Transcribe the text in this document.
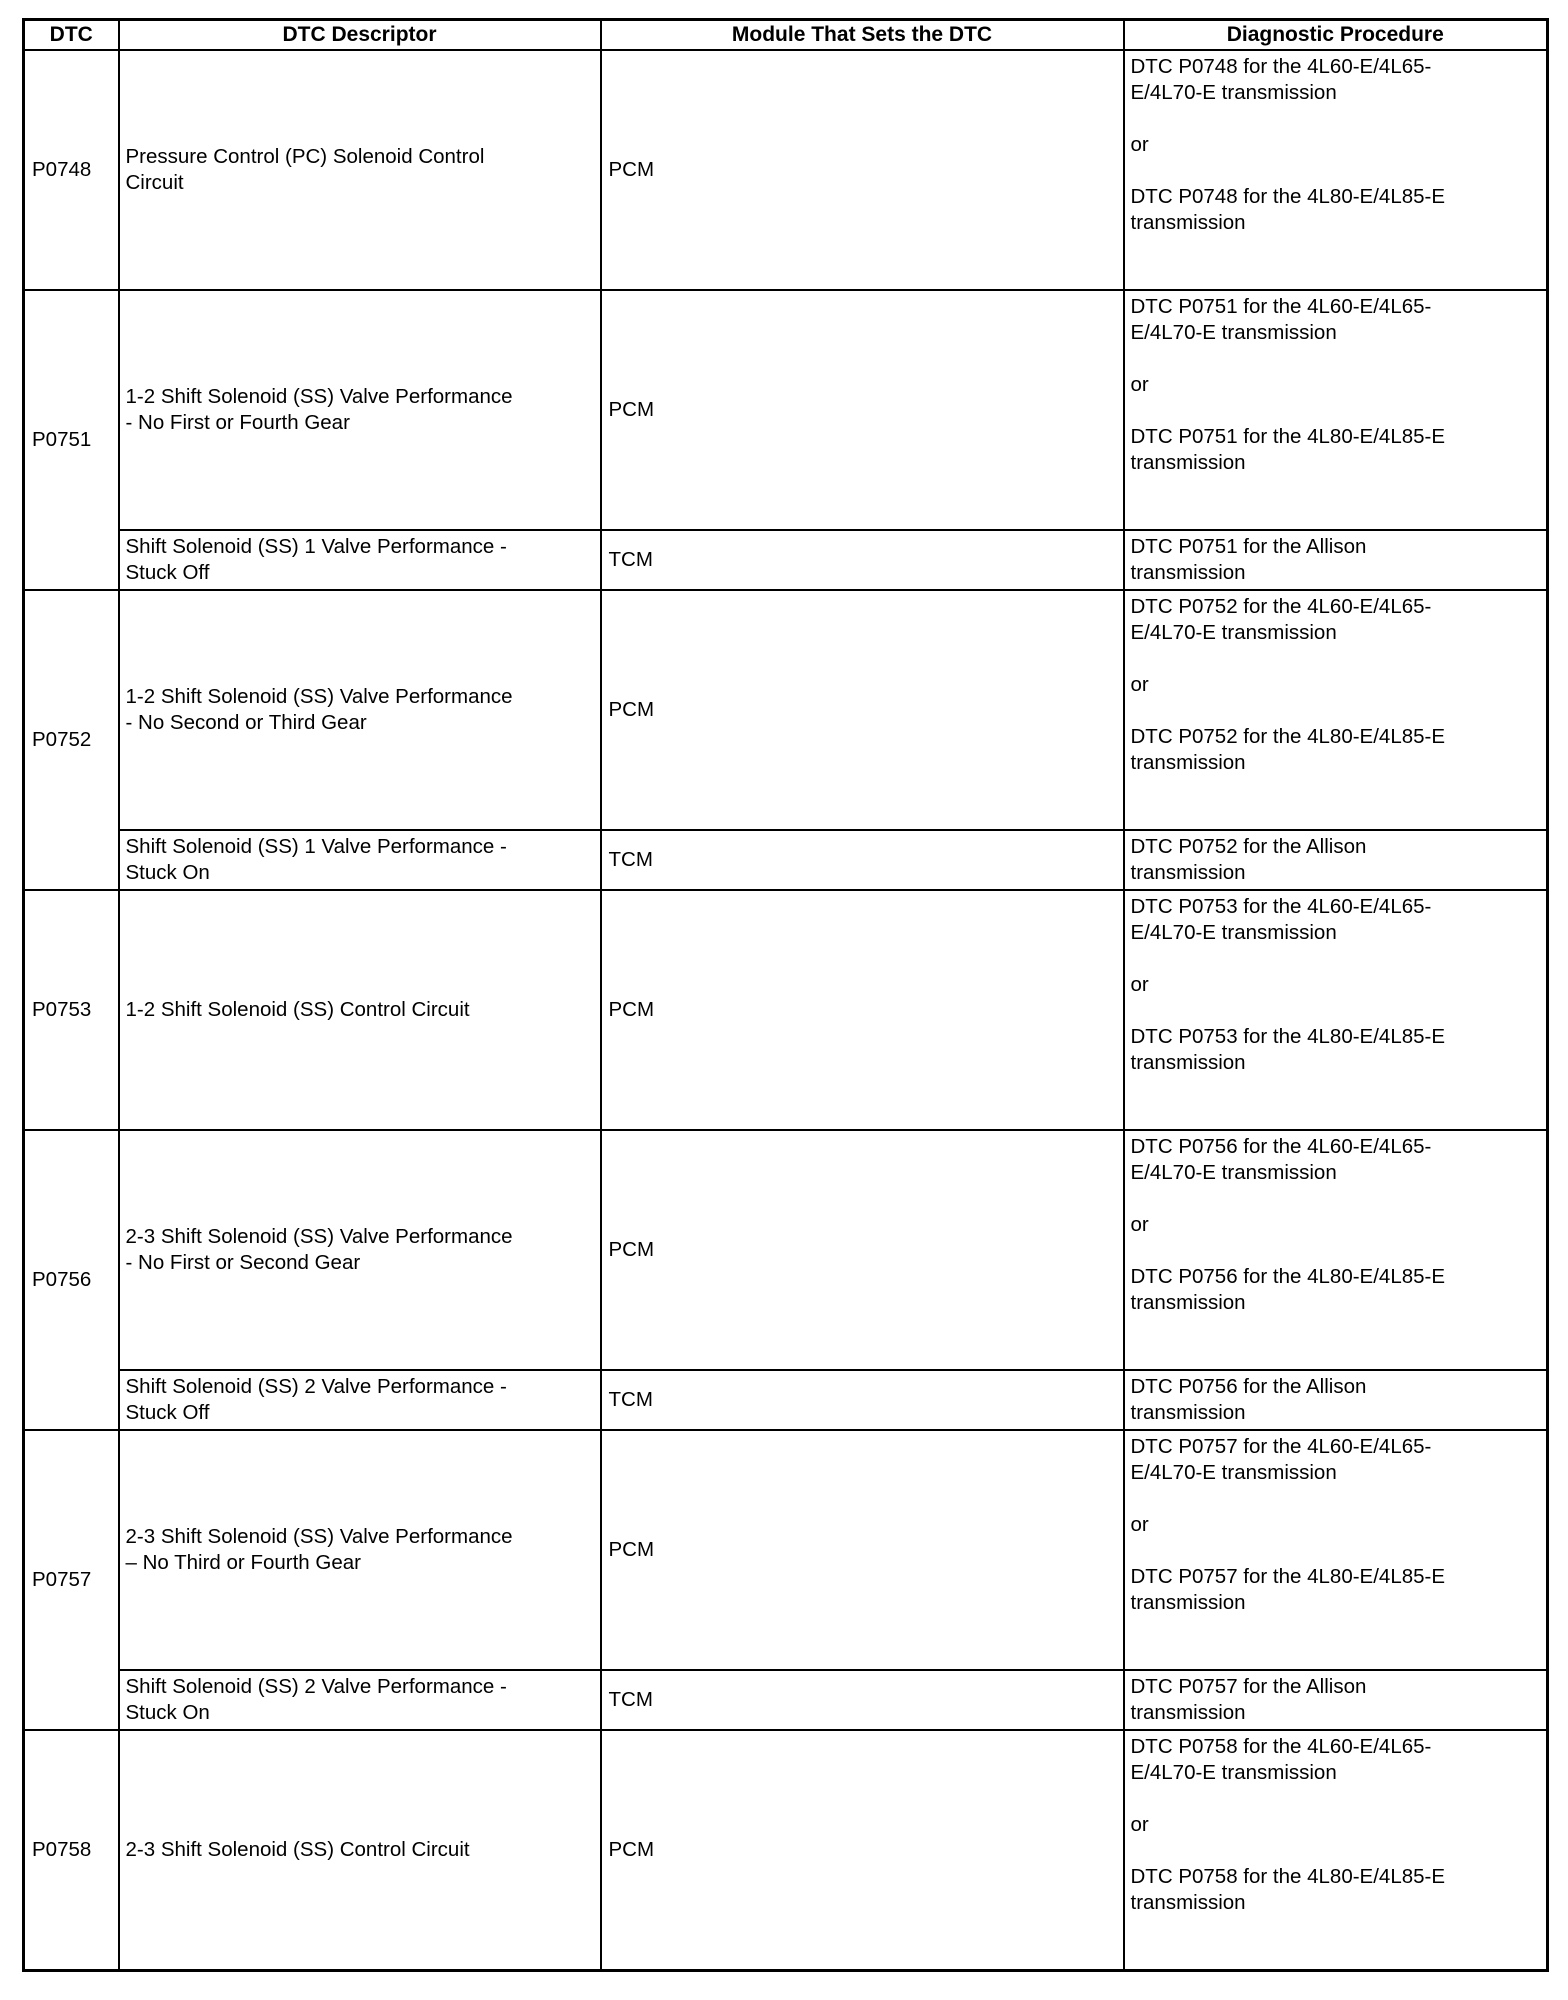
DTC	DTC Descriptor	Module That Sets the DTC	Diagnostic Procedure
P0748	Pressure Control (PC) Solenoid Control Circuit	PCM	DTC P0748 for the 4L60-E/4L65-E/4L70-E transmission
or
DTC P0748 for the 4L80-E/4L85-E transmission

P0751	1-2 Shift Solenoid (SS) Valve Performance - No First or Fourth Gear	PCM	DTC P0751 for the 4L60-E/4L65-E/4L70-E transmission
or
DTC P0751 for the 4L80-E/4L85-E transmission

	Shift Solenoid (SS) 1 Valve Performance - Stuck Off	TCM	DTC P0751 for the Allison transmission

P0752	1-2 Shift Solenoid (SS) Valve Performance - No Second or Third Gear	PCM	DTC P0752 for the 4L60-E/4L65-E/4L70-E transmission
or
DTC P0752 for the 4L80-E/4L85-E transmission

	Shift Solenoid (SS) 1 Valve Performance - Stuck On	TCM	DTC P0752 for the Allison transmission

P0753	1-2 Shift Solenoid (SS) Control Circuit	PCM	DTC P0753 for the 4L60-E/4L65-E/4L70-E transmission
or
DTC P0753 for the 4L80-E/4L85-E transmission

P0756	2-3 Shift Solenoid (SS) Valve Performance - No First or Second Gear	PCM	DTC P0756 for the 4L60-E/4L65-E/4L70-E transmission
or
DTC P0756 for the 4L80-E/4L85-E transmission

	Shift Solenoid (SS) 2 Valve Performance - Stuck Off	TCM	DTC P0756 for the Allison transmission

P0757	2-3 Shift Solenoid (SS) Valve Performance – No Third or Fourth Gear	PCM	DTC P0757 for the 4L60-E/4L65-E/4L70-E transmission
or
DTC P0757 for the 4L80-E/4L85-E transmission

	Shift Solenoid (SS) 2 Valve Performance - Stuck On	TCM	DTC P0757 for the Allison transmission

P0758	2-3 Shift Solenoid (SS) Control Circuit	PCM	DTC P0758 for the 4L60-E/4L65-E/4L70-E transmission
or
DTC P0758 for the 4L80-E/4L85-E transmission
